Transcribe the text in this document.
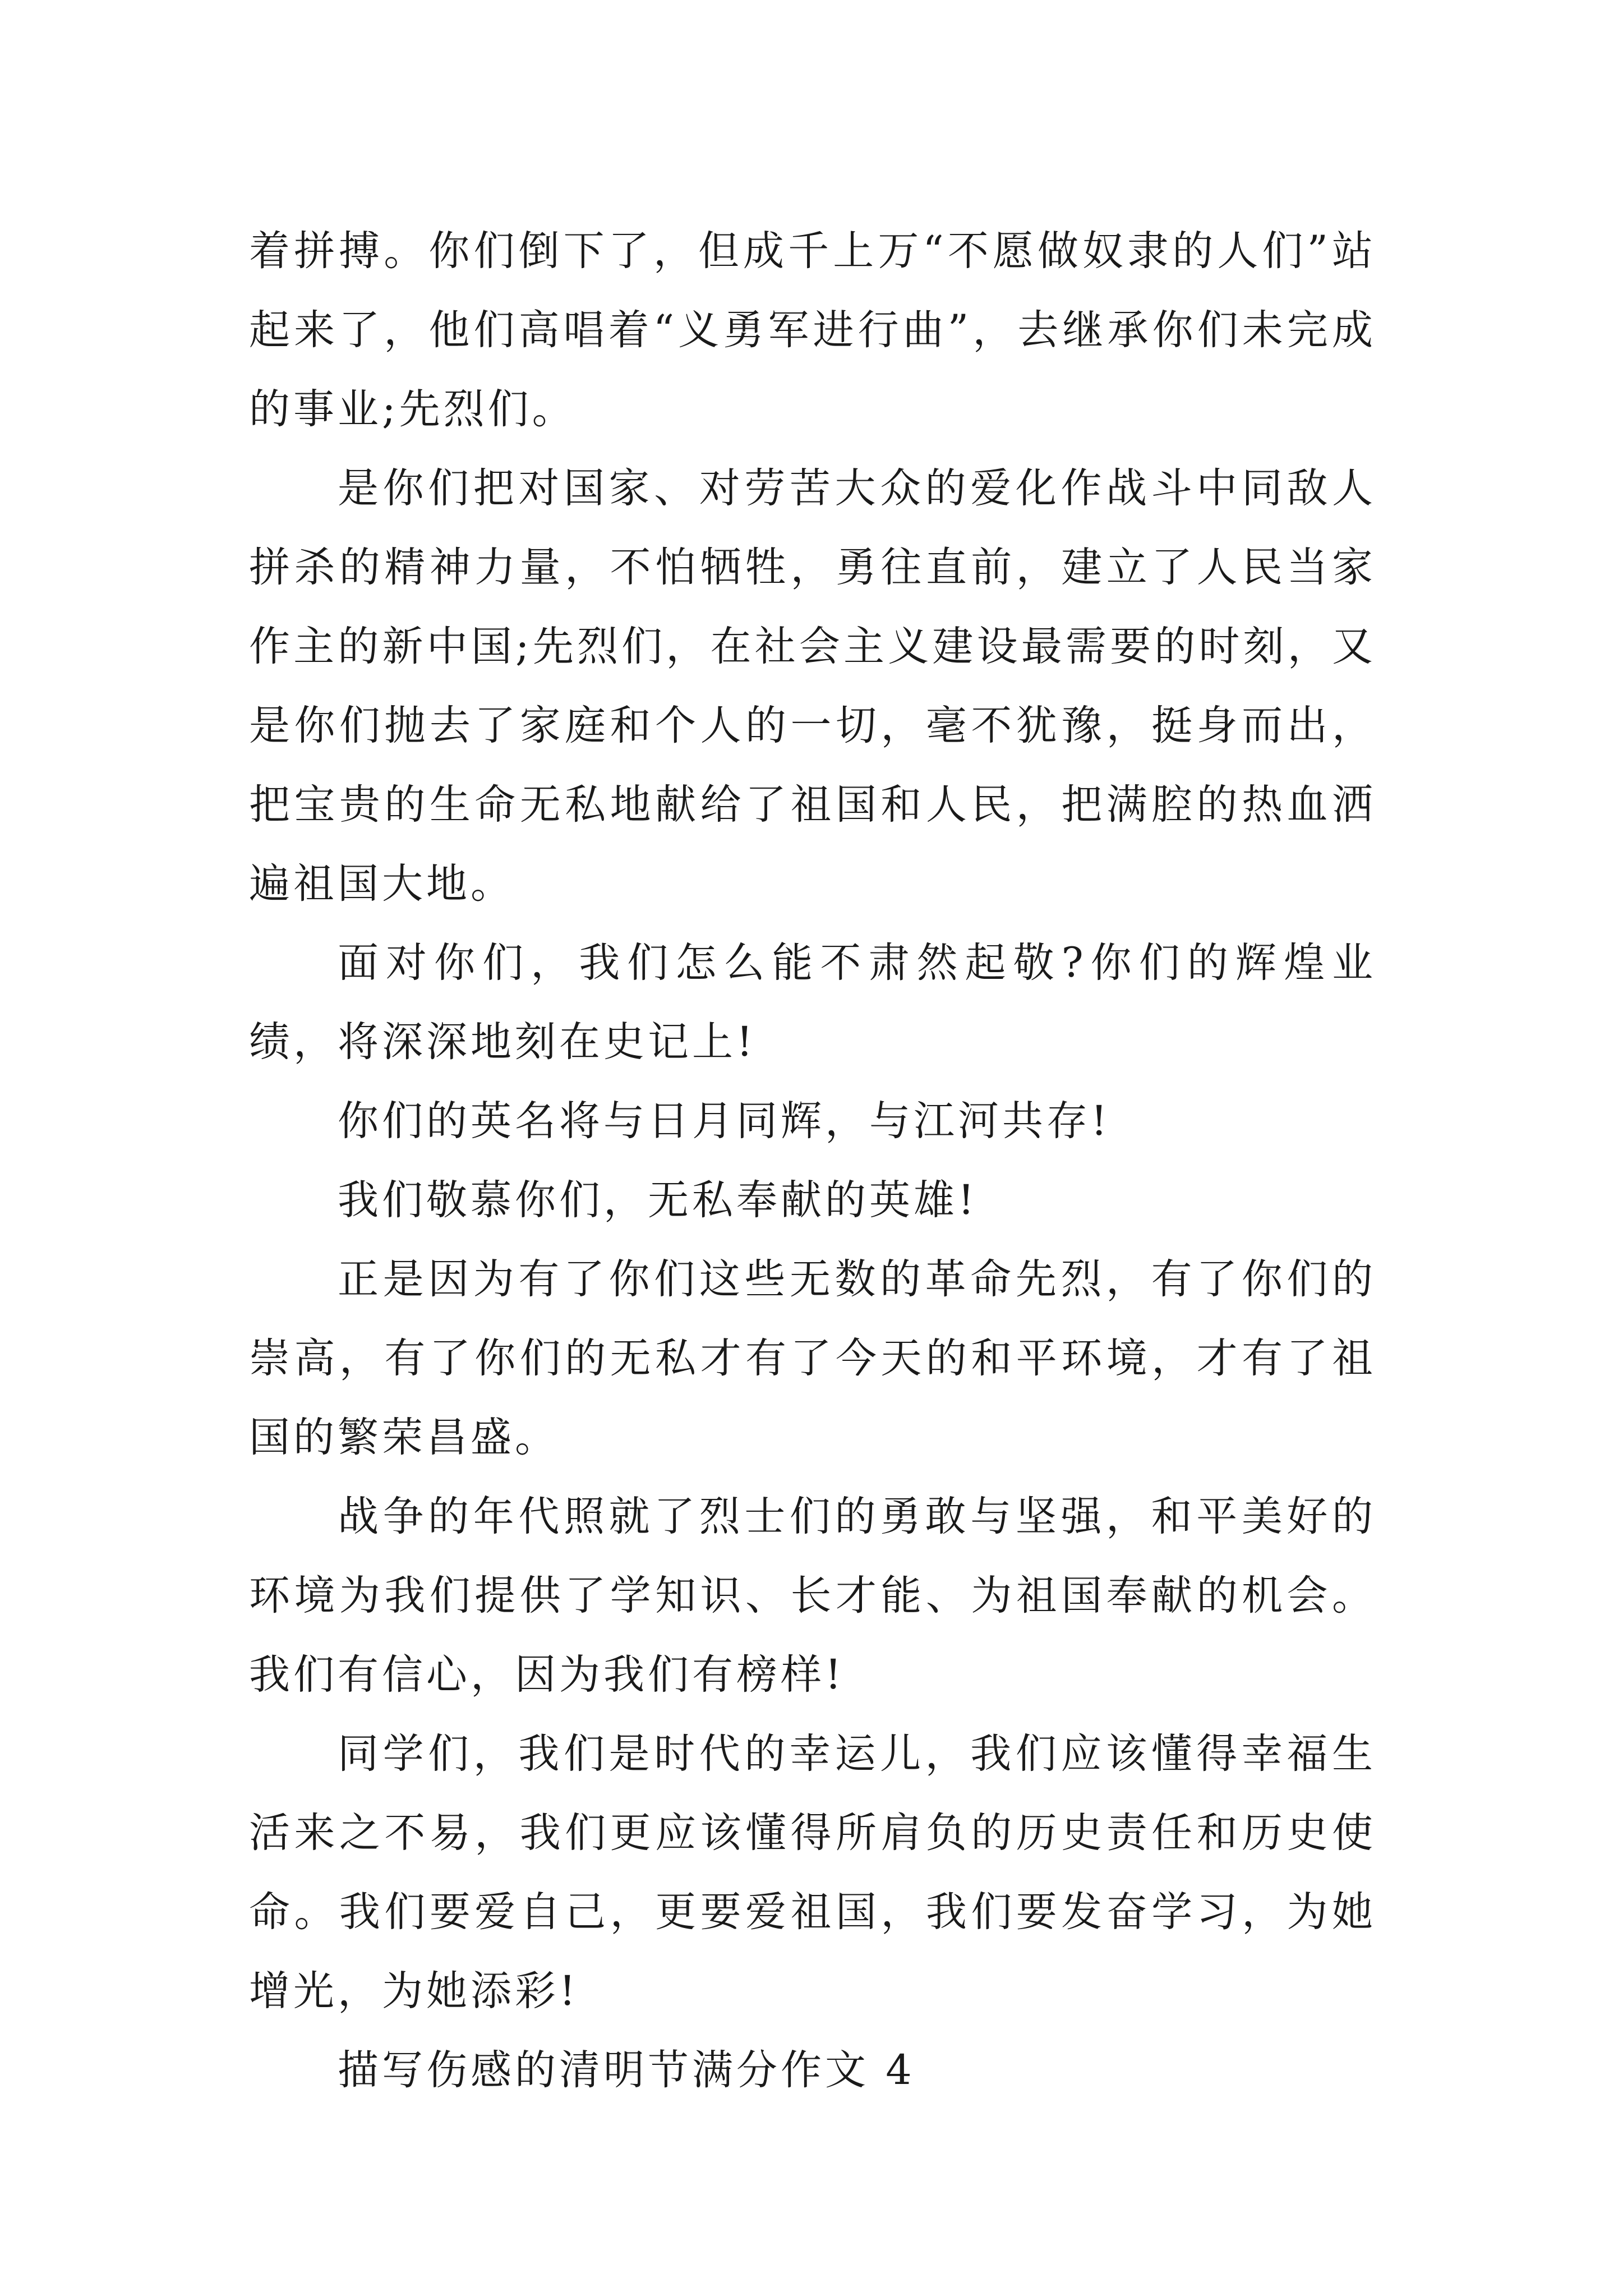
着拼搏。你们倒下了，但成千上万“不愿做奴隶的人们”站起来了，他们高唱着“义勇军进行曲”，去继承你们未完成的事业;先烈们。

是你们把对国家、对劳苦大众的爱化作战斗中同敌人拼杀的精神力量，不怕牺牲，勇往直前，建立了人民当家作主的新中国;先烈们，在社会主义建设最需要的时刻，又是你们抛去了家庭和个人的一切，毫不犹豫，挺身而出，把宝贵的生命无私地献给了祖国和人民，把满腔的热血洒遍祖国大地。

面对你们，我们怎么能不肃然起敬?你们的辉煌业绩，将深深地刻在史记上!

你们的英名将与日月同辉，与江河共存!

我们敬慕你们，无私奉献的英雄!

正是因为有了你们这些无数的革命先烈，有了你们的崇高，有了你们的无私才有了今天的和平环境，才有了祖国的繁荣昌盛。

战争的年代照就了烈士们的勇敢与坚强，和平美好的环境为我们提供了学知识、长才能、为祖国奉献的机会。我们有信心，因为我们有榜样!

同学们，我们是时代的幸运儿，我们应该懂得幸福生活来之不易，我们更应该懂得所肩负的历史责任和历史使命。我们要爱自己，更要爱祖国，我们要发奋学习，为她增光，为她添彩!

描写伤感的清明节满分作文 4
